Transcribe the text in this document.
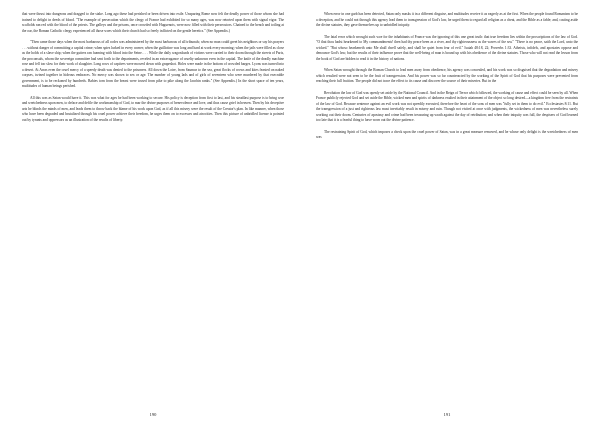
that were thrust into dungeons and dragged to the stake. Long ago these had perished or been driven into exile. Unsparing Rome now felt the deadly power of those whom she had trained to delight in deeds of blood. "The example of persecution which the clergy of France had exhibited for so many ages, was now retorted upon them with signal vigor. The scaffolds ran red with the blood of the priests. The galleys and the prisons, once crowded with Huguenots, were now filled with their persecutors. Chained to the bench and toiling at the oar, the Roman Catholic clergy experienced all those woes which their church had so freely inflicted on the gentle heretics." (See Appendix.)

"Then came those days when the most barbarous of all codes was administered by the most barbarous of all tribunals; when no man could greet his neighbors or say his prayers . . . without danger of committing a capital crime; when spies lurked in every corner; when the guillotine was long and hard at work every morning; when the jails were filled as close as the holds of a slave ship; when the gutters ran foaming with blood into the Seine. . . . While the daily wagonloads of victims were carried to their doom through the streets of Paris, the proconsuls, whom the sovereign committee had sent forth to the departments, reveled in an extravagance of cruelty unknown even in the capital. The knife of the deadly machine rose and fell too slow for their work of slaughter. Long rows of captives were mowed down with grapeshot. Holes were made in the bottom of crowded barges. Lyons was turned into a desert. At Arras even the cruel mercy of a speedy death was denied to the prisoners. All down the Loire, from Saumur to the sea, great flocks of crows and kites feasted on naked corpses, twined together in hideous embraces. No mercy was shown to sex or age. The number of young lads and of girls of seventeen who were murdered by that execrable government, is to be reckoned by hundreds. Babies torn from the breast were tossed from pike to pike along the Jacobin ranks." (See Appendix.) In the short space of ten years, multitudes of human beings perished.

All this was as Satan would have it. This was what for ages he had been working to secure. His policy is deception from first to last, and his steadfast purpose is to bring woe and wretchedness upon men, to deface and defile the workmanship of God, to mar the divine purposes of benevolence and love, and thus cause grief in heaven. Then by his deceptive arts he blinds the minds of men, and leads them to throw back the blame of his work upon God, as if all this misery were the result of the Creator's plan. In like manner, when those who have been degraded and brutalized through his cruel power achieve their freedom, he urges them on to excesses and atrocities. Then this picture of unbridled license is pointed out by tyrants and oppressors as an illustration of the results of liberty.

190

When error in one garb has been detected, Satan only masks it in a different disguise, and multitudes receive it as eagerly as at the first. When the people found Romanism to be a deception, and he could not through this agency lead them to transgression of God's law, he urged them to regard all religion as a cheat, and the Bible as a fable; and, casting aside the divine statutes, they gave themselves up to unbridled iniquity.

The fatal error which wrought such woe for the inhabitants of France was the ignoring of this one great truth: that true freedom lies within the proscriptions of the law of God. "O that thou hadst hearkened to My commandments! then had thy peace been as a river, and thy righteousness as the waves of the sea." "There is no peace, saith the Lord, unto the wicked." "But whoso hearkeneth unto Me shall dwell safely, and shall be quiet from fear of evil." Isaiah 48:18, 22; Proverbs 1:33. Atheists, infidels, and apostates oppose and denounce God's law; but the results of their influence prove that the well-being of man is bound up with his obedience of the divine statutes. Those who will not read the lesson from the book of God are bidden to read it in the history of nations.

When Satan wrought through the Roman Church to lead men away from obedience, his agency was concealed, and his work was so disguised that the degradation and misery which resulted were not seen to be the fruit of transgression. And his power was so far counteracted by the working of the Spirit of God that his purposes were prevented from reaching their full fruition. The people did not trace the effect to its cause and discover the source of their miseries. But in the

Revolution the law of God was openly set aside by the National Council. And in the Reign of Terror which followed, the working of cause and effect could be seen by all. When France publicly rejected God and set aside the Bible, wicked men and spirits of darkness exulted in their attainment of the object so long desired—a kingdom free from the restraints of the law of God. Because sentence against an evil work was not speedily executed, therefore the heart of the sons of men was "fully set in them to do evil." Ecclesiastes 8:11. But the transgression of a just and righteous law must inevitably result in misery and ruin. Though not visited at once with judgments, the wickedness of men was nevertheless surely working out their doom. Centuries of apostasy and crime had been treasuring up wrath against the day of retribution; and when their iniquity was full, the despisers of God learned too late that it is a fearful thing to have worn out the divine patience.

The restraining Spirit of God, which imposes a check upon the cruel power of Satan, was in a great measure removed, and he whose only delight is the wretchedness of men was

191
